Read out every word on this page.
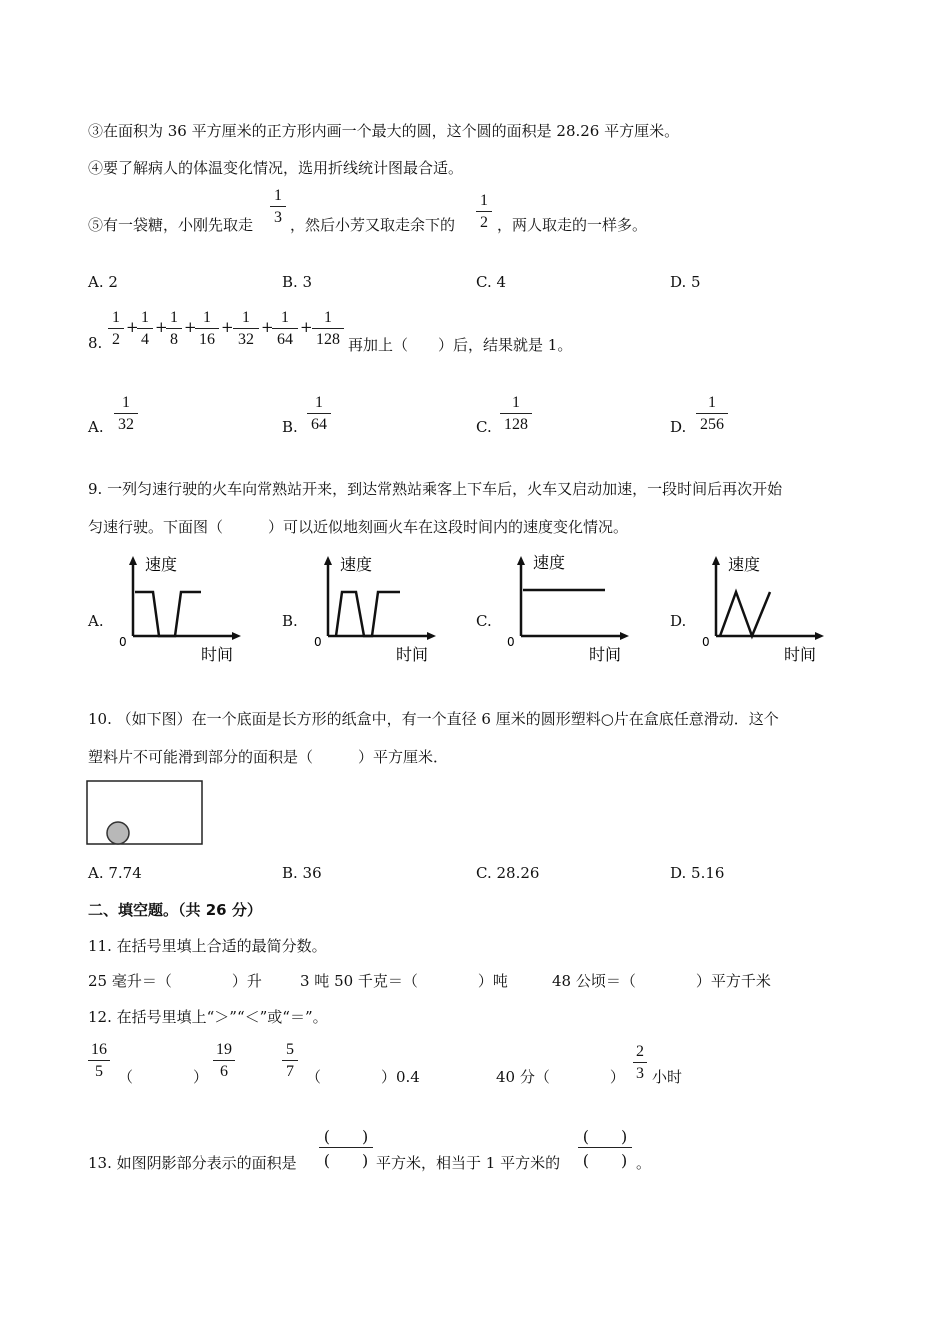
③在面积为 36 平方厘米的正方形内画一个最大的圆，这个圆的面积是 28.26 平方厘米。
④要了解病人的体温变化情况，选用折线统计图最合适。
⑤有一袋糖，小刚先取走
1
3 ，然后小芳又取走余下的
1
2 ，两人取走的一样多。
A. 2	B. 3	C. 4	D. 5
8.
1
2
+
1
4
+
1
8
+
1
16
+
1
32
+
1
64
+
1
128 再加上（　　）后，结果就是 1。
A.
1
32	B.
1
64	C.
1
128	D.
1
256
9. 一列匀速行驶的火车向常熟站开来，到达常熟站乘客上下车后，火车又启动加速，一段时间后再次开始
匀速行驶。下面图（　　　）可以近似地刻画火车在这段时间内的速度变化情况。
A.	B.	C.	D.
速度
时间
0
速度
时间
0
速度
时间
0
速度
时间
0
10. （如下图）在一个底面是长方形的纸盒中，有一个直径 6 厘米的圆形塑料○片在盒底任意滑动．这个
塑料片不可能滑到部分的面积是（　　　）平方厘米．
A. 7.74	B. 36	C. 28.26	D. 5.16
二、填空题。（共 26 分）
11. 在括号里填上合适的最简分数。
25 毫升＝（　　　　）升	3 吨 50 千克＝（　　　　）吨	48 公顷＝（　　　　）平方千米
12. 在括号里填上“＞”“＜”或“＝”。
16
5	（　　　　）
19
6
5
7 （　　　　）0.4	40 分（　　　　）
2
3 小时
13. 如图阴影部分表示的面积是
(　　)
(　　) 平方米，相当于 1 平方米的
(　　)
(　　) 。
